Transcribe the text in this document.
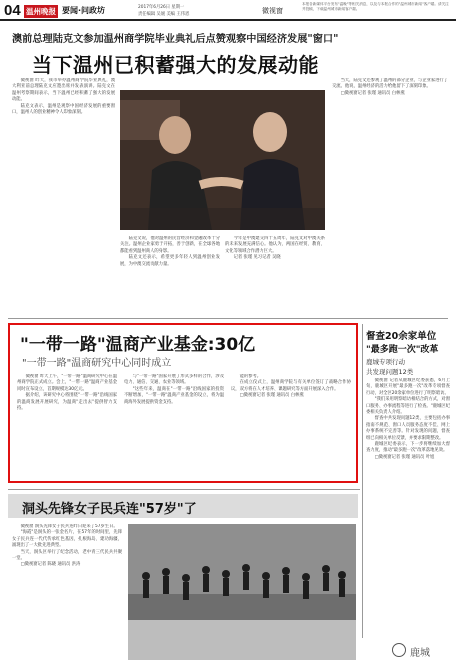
04 温州晚报 要闻·问政坊	2017年6月26日 星期一
责任编辑 吴媛 美编 王伟恩	微视窗
本报各新媒体平台发布"温晚"等相关消息，以及与本报合作的"温州城市新闻"客户端。请关注并投稿，下载温州城市新闻客户端。
澳前总理陆克文参加温州商学院毕业典礼后点赞观察中国经济发展"窗口"
当下温州已积蓄强大的发展动能
微视窗 昨天，我市举办温州商学院毕业典礼，澳大利亚前总理陆克文应邀出席并发表演讲。陆克文在温州考察期间表示，当下温州已经积蓄了强大的发展动能。
陆克文表示，温州是观察中国经济发展的重要窗口，温州人的创业精神令人印象深刻。
陆克文说，他对温州的民营经济和金融改革十分关注。温州企业家勇于开拓，善于创新，在全球各地都能看到温州商人的身影。
陆克文还表示，希望更多年轻人到温州创业发展，为中澳交流贡献力量。
今年是中澳建交四十五周年，陆克文对中澳关系的未来发展充满信心。他认为，两国在经贸、教育、文化等领域合作潜力巨大。
记者 张瑾 见习记者 吴晓
当天，陆克文还参观了温州的部分企业，与企业家进行了交流。他说，温州经济的活力给他留下了深刻印象。
□微视窗记者 张瑾 通讯员 白林燕
"一带一路"温商产业基金:30亿
"一带一路"温商研究中心同时成立
微视窗 昨天上午，"一带一路"温商研究中心在温州商学院正式成立。会上，"一带一路"温商产业基金同时宣布设立，首期规模达30亿元。
据介绍，该研究中心将围绕"一带一路"沿线国家的温商发展开展研究，为温商"走出去"提供智力支持。
与"一带一路"国家开展了形式多样的合作，涉及电力、通信、交通、农业等领域。
"这些年来，温商在"一带一路"沿线国家的投资不断增加，"一带一路"温商产业基金的设立，将为温商海外发展提供资金支持。
能的参考。
在成立仪式上，温州商学院与有关单位签订了战略合作协议，双方将在人才培养、课题研究等方面开展深入合作。
□微视窗记者 张瑾 通讯员 白林燕
督查20余家单位
"最多跑一次"改革
鹿城专项行动
共发现问题12类
微视窗 记者从鹿城区纪委获悉，6月上旬，鹿城区开展"最多跑一次"改革专项督查行动，对全区20余家单位进行了明察暗访。
"我们采用明察暗访相结合的方式，对窗口服务、办事流程等进行了检查。"鹿城区纪委相关负责人介绍。
督查中共发现问题12类，主要包括办事指南不规范、窗口人员服务态度不佳、网上办事系统不完善等。针对发现的问题，督查组已向相关单位反馈，并要求限期整改。
鹿城区纪委表示，下一步将继续加大督查力度，推动"最多跑一次"改革落地见效。
□微视窗记者 张瑾 通讯员 叶旭
洞头先锋女子民兵连"57岁"了
微视窗 洞头先锋女子民兵连昨日迎来了57岁生日。
"海霞"是洞头的一张金名片，在57年的时间里，先锋女子民兵连一代代传承红色基因，扎根海岛、建功海疆，涌现出了一大批先进典型。
当天，洞头区举行了纪念活动，老中青三代民兵共聚一堂。
□微视窗记者 陈晓 通讯员 洪涛
鹿城
